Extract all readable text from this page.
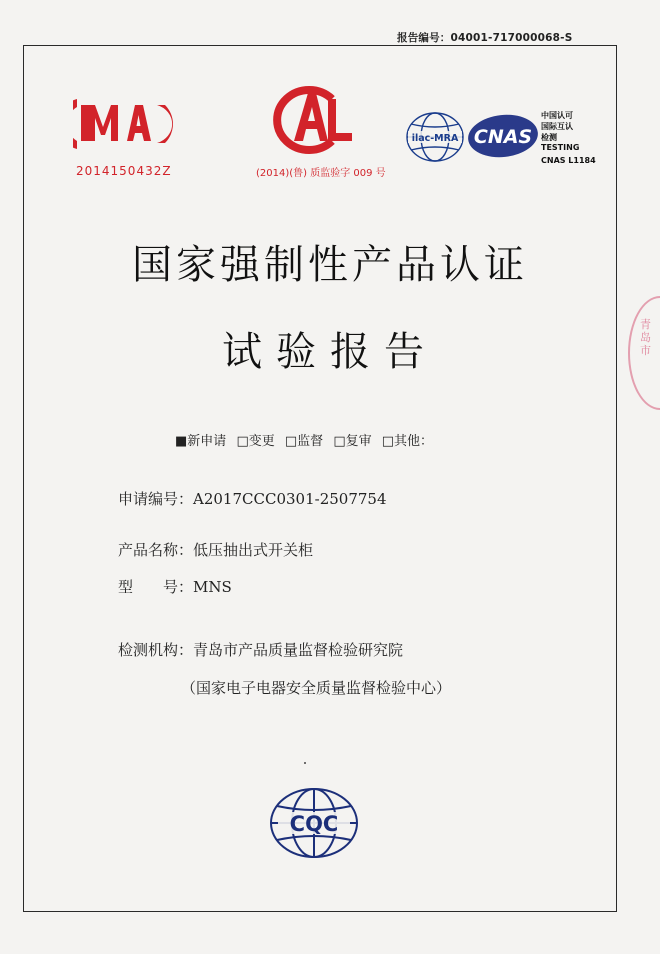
报告编号：04001-717000068-S
2014150432Z	(2014)(鲁) 质监验字 009 号
ilac-MRA CNAS
中国认可
国际互认
检测
TESTING
CNAS L1184
国家强制性产品认证
试验报告
■新申请 □变更 □监督 □复审 □其他：
申请编号：A2017CCC0301-2507754
产品名称：低压抽出式开关柜
型　　号：MNS
检测机构：青岛市产品质量监督检验研究院
（国家电子电器安全质量监督检验中心）
CQC
青岛市
